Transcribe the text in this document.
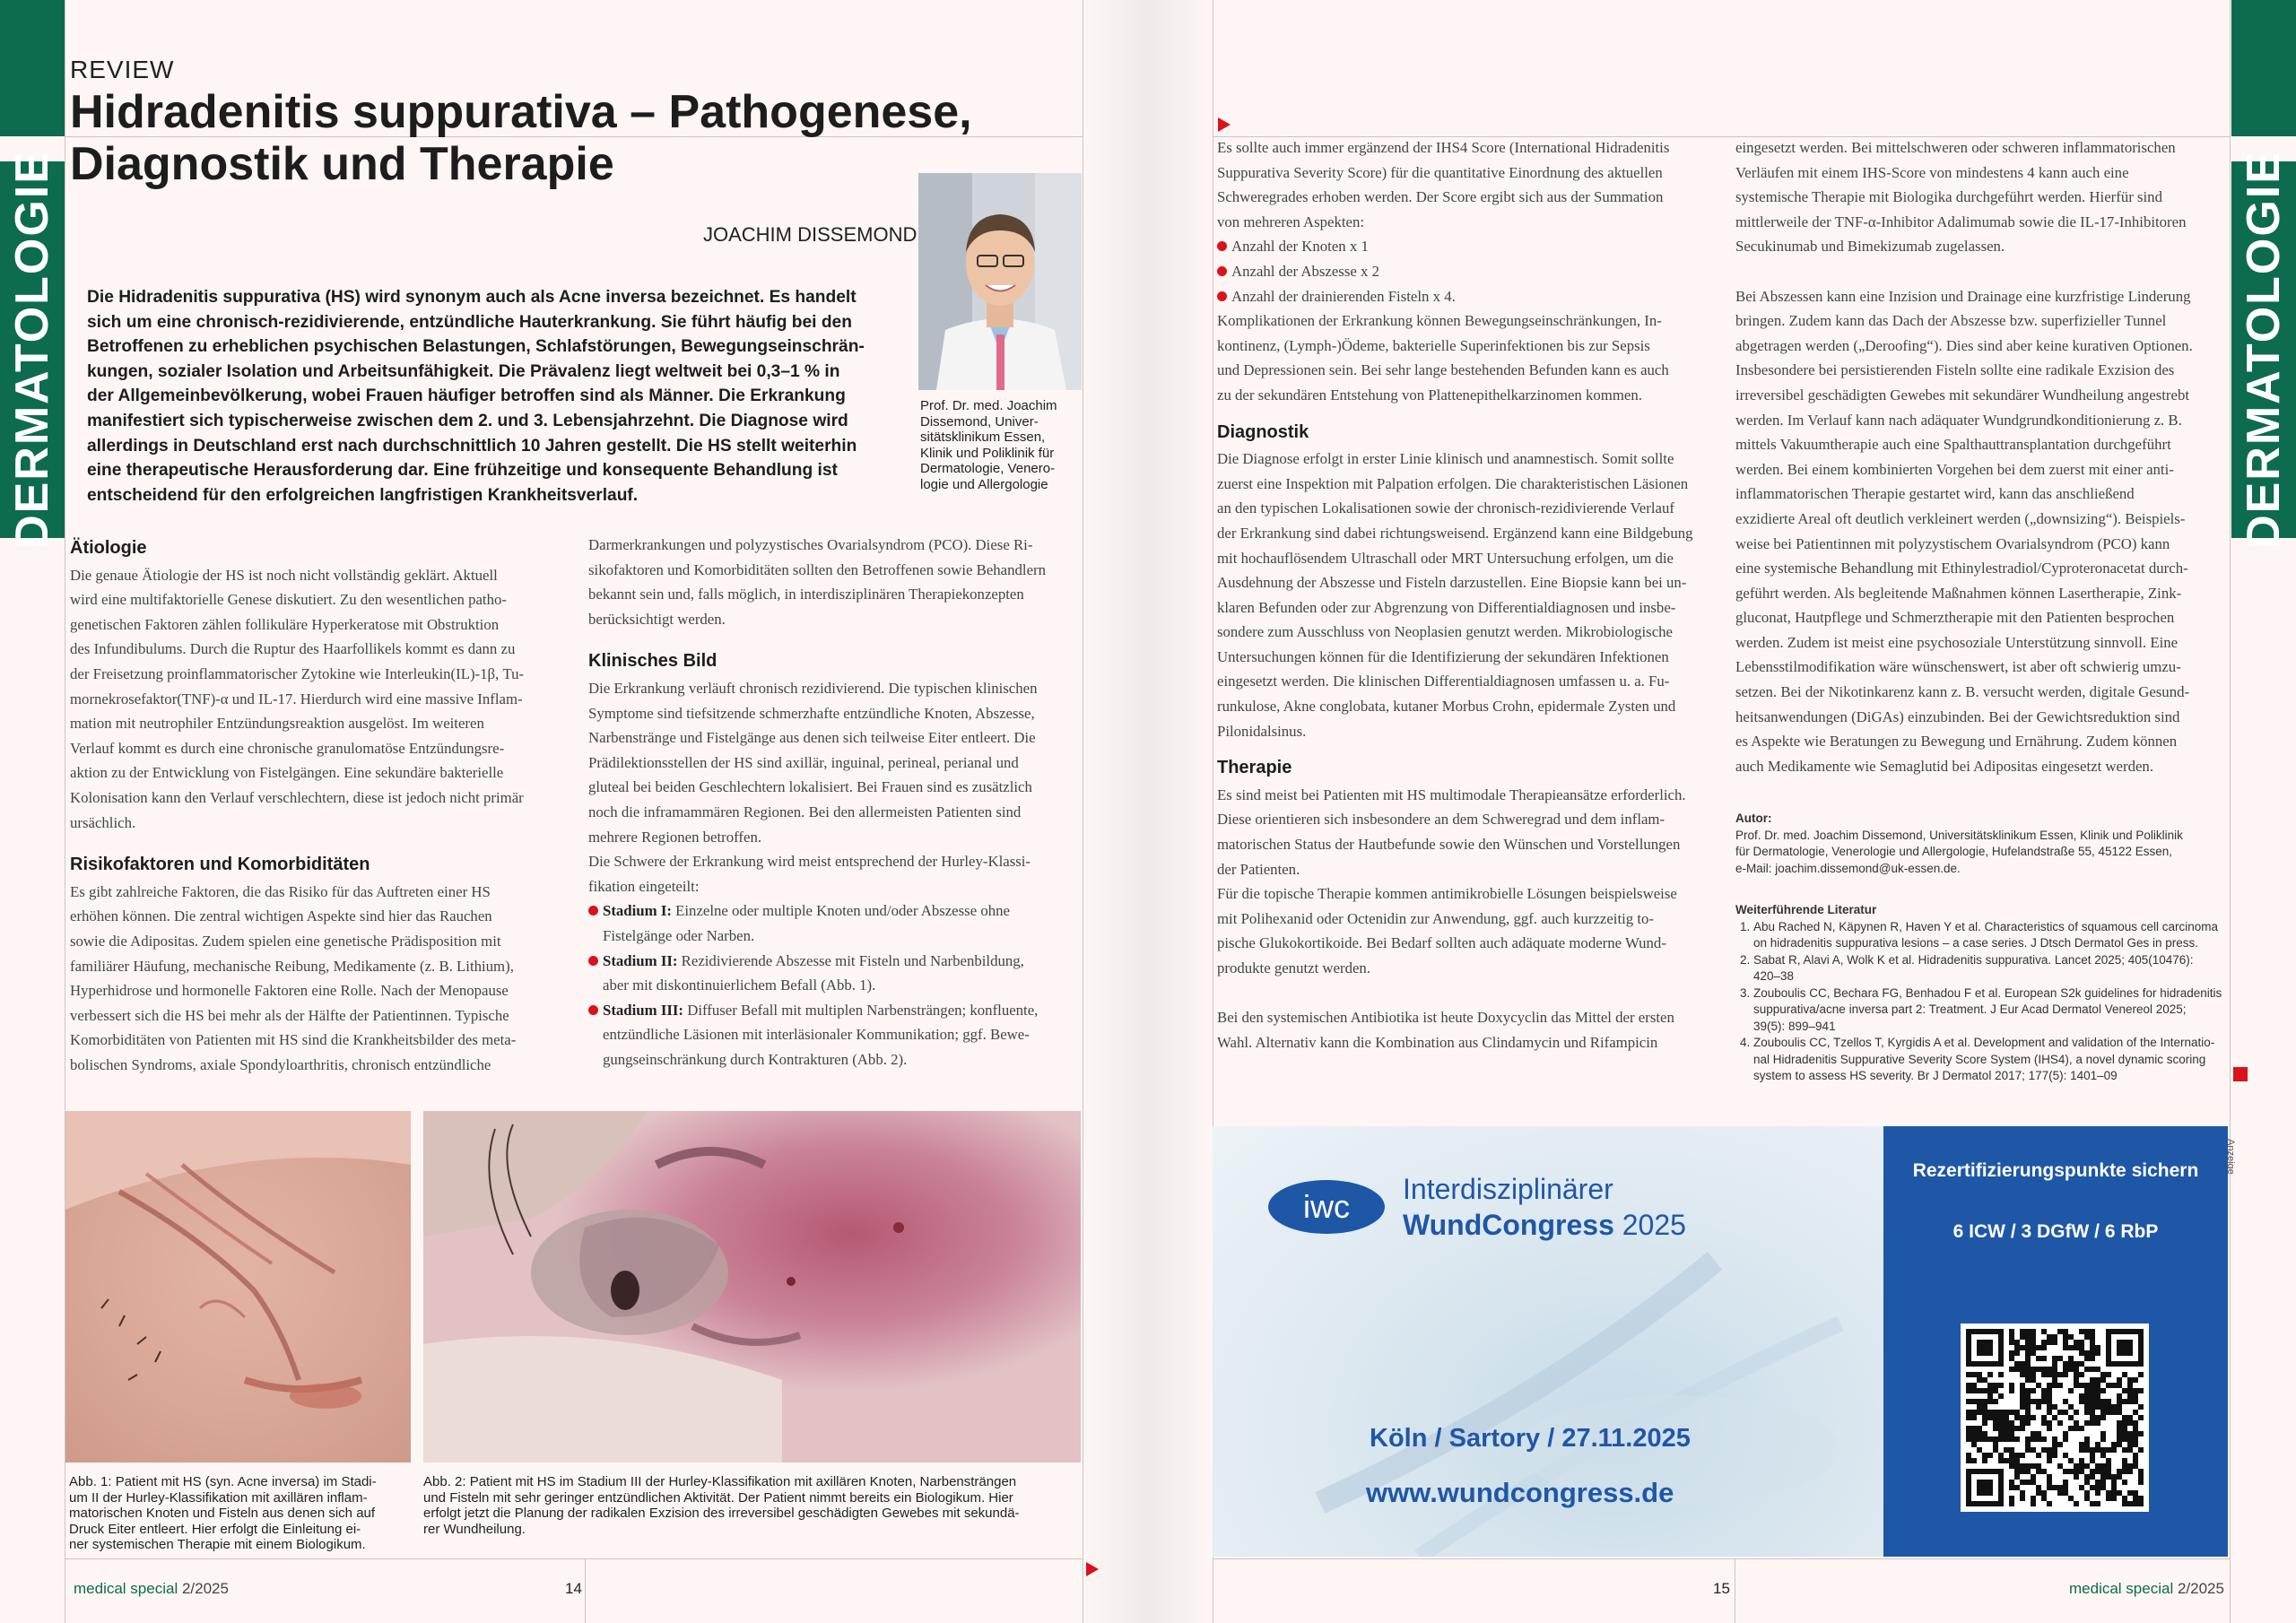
DERMATOLOGIE
REVIEW
Hidradenitis suppurativa – Pathogenese,
Diagnostik und Therapie
JOACHIM DISSEMOND
Prof. Dr. med. Joachim
Dissemond, Univer-
sitätsklinikum Essen,
Klinik und Poliklinik für
Dermatologie, Venero-
logie und Allergologie
Die Hidradenitis suppurativa (HS) wird synonym auch als Acne inversa bezeichnet. Es handelt
sich um eine chronisch-rezidivierende, entzündliche Hauterkrankung. Sie führt häufig bei den
Betroffenen zu erheblichen psychischen Belastungen, Schlafstörungen, Bewegungseinschrän-
kungen, sozialer Isolation und Arbeitsunfähigkeit. Die Prävalenz liegt weltweit bei 0,3–1 % in
der Allgemeinbevölkerung, wobei Frauen häufiger betroffen sind als Männer. Die Erkrankung
manifestiert sich typischerweise zwischen dem 2. und 3. Lebensjahrzehnt. Die Diagnose wird
allerdings in Deutschland erst nach durchschnittlich 10 Jahren gestellt. Die HS stellt weiterhin
eine therapeutische Herausforderung dar. Eine frühzeitige und konsequente Behandlung ist
entscheidend für den erfolgreichen langfristigen Krankheitsverlauf.
Ätiologie

Die genaue Ätiologie der HS ist noch nicht vollständig geklärt. Aktuell

wird eine multifaktorielle Genese diskutiert. Zu den wesentlichen patho-

genetischen Faktoren zählen follikuläre Hyperkeratose mit Obstruktion

des Infundibulums. Durch die Ruptur des Haarfollikels kommt es dann zu

der Freisetzung proinflammatorischer Zytokine wie Interleukin(IL)-1β, Tu-

mornekrosefaktor(TNF)-α und IL-17. Hierdurch wird eine massive Inflam-

mation mit neutrophiler Entzündungsreaktion ausgelöst. Im weiteren

Verlauf kommt es durch eine chronische granulomatöse Entzündungsre-

aktion zu der Entwicklung von Fistelgängen. Eine sekundäre bakterielle

Kolonisation kann den Verlauf verschlechtern, diese ist jedoch nicht primär

ursächlich.

Risikofaktoren und Komorbiditäten

Es gibt zahlreiche Faktoren, die das Risiko für das Auftreten einer HS

erhöhen können. Die zentral wichtigen Aspekte sind hier das Rauchen

sowie die Adipositas. Zudem spielen eine genetische Prädisposition mit

familiärer Häufung, mechanische Reibung, Medikamente (z. B. Lithium),

Hyperhidrose und hormonelle Faktoren eine Rolle. Nach der Menopause

verbessert sich die HS bei mehr als der Hälfte der Patientinnen. Typische

Komorbiditäten von Patienten mit HS sind die Krankheitsbilder des meta-

bolischen Syndroms, axiale Spondyloarthritis, chronisch entzündliche

Darmerkrankungen und polyzystisches Ovarialsyndrom (PCO). Diese Ri-

sikofaktoren und Komorbiditäten sollten den Betroffenen sowie Behandlern

bekannt sein und, falls möglich, in interdisziplinären Therapiekonzepten

berücksichtigt werden.

Klinisches Bild

Die Erkrankung verläuft chronisch rezidivierend. Die typischen klinischen

Symptome sind tiefsitzende schmerzhafte entzündliche Knoten, Abszesse,

Narbenstränge und Fistelgänge aus denen sich teilweise Eiter entleert. Die

Prädilektionsstellen der HS sind axillär, inguinal, perineal, perianal und

gluteal bei beiden Geschlechtern lokalisiert. Bei Frauen sind es zusätzlich

noch die inframammären Regionen. Bei den allermeisten Patienten sind

mehrere Regionen betroffen.

Die Schwere der Erkrankung wird meist entsprechend der Hurley-Klassi-

fikation eingeteilt:

Stadium I: Einzelne oder multiple Knoten und/oder Abszesse ohne

Fistelgänge oder Narben.

Stadium II: Rezidivierende Abszesse mit Fisteln und Narbenbildung,

aber mit diskontinuierlichem Befall (Abb. 1).

Stadium III: Diffuser Befall mit multiplen Narbensträngen; konfluente,

entzündliche Läsionen mit interläsionaler Kommunikation; ggf. Bewe-

gungseinschränkung durch Kontrakturen (Abb. 2).

Abb. 1: Patient mit HS (syn. Acne inversa) im Stadi-
um II der Hurley-Klassifikation mit axillären inflam-
matorischen Knoten und Fisteln aus denen sich auf
Druck Eiter entleert. Hier erfolgt die Einleitung ei-
ner systemischen Therapie mit einem Biologikum.
Abb. 2: Patient mit HS im Stadium III der Hurley-Klassifikation mit axillären Knoten, Narbensträngen
und Fisteln mit sehr geringer entzündlichen Aktivität. Der Patient nimmt bereits ein Biologikum. Hier
erfolgt jetzt die Planung der radikalen Exzision des irreversibel geschädigten Gewebes mit sekundä-
rer Wundheilung.
medical special 2/2025	14
DERMATOLOGIE

Es sollte auch immer ergänzend der IHS4 Score (International Hidradenitis

Suppurativa Severity Score) für die quantitative Einordnung des aktuellen

Schweregrades erhoben werden. Der Score ergibt sich aus der Summation

von mehreren Aspekten:

Anzahl der Knoten x 1

Anzahl der Abszesse x 2

Anzahl der drainierenden Fisteln x 4.

Komplikationen der Erkrankung können Bewegungseinschränkungen, In-

kontinenz, (Lymph-)Ödeme, bakterielle Superinfektionen bis zur Sepsis

und Depressionen sein. Bei sehr lange bestehenden Befunden kann es auch

zu der sekundären Entstehung von Plattenepithelkarzinomen kommen.

Diagnostik

Die Diagnose erfolgt in erster Linie klinisch und anamnestisch. Somit sollte

zuerst eine Inspektion mit Palpation erfolgen. Die charakteristischen Läsionen

an den typischen Lokalisationen sowie der chronisch-rezidivierende Verlauf

der Erkrankung sind dabei richtungsweisend. Ergänzend kann eine Bildgebung

mit hochauflösendem Ultraschall oder MRT Untersuchung erfolgen, um die

Ausdehnung der Abszesse und Fisteln darzustellen. Eine Biopsie kann bei un-

klaren Befunden oder zur Abgrenzung von Differentialdiagnosen und insbe-

sondere zum Ausschluss von Neoplasien genutzt werden. Mikrobiologische

Untersuchungen können für die Identifizierung der sekundären Infektionen

eingesetzt werden. Die klinischen Differentialdiagnosen umfassen u. a. Fu-

runkulose, Akne conglobata, kutaner Morbus Crohn, epidermale Zysten und

Pilonidalsinus.

Therapie

Es sind meist bei Patienten mit HS multimodale Therapieansätze erforderlich.

Diese orientieren sich insbesondere an dem Schweregrad und dem inflam-

matorischen Status der Hautbefunde sowie den Wünschen und Vorstellungen

der Patienten.

Für die topische Therapie kommen antimikrobielle Lösungen beispielsweise

mit Polihexanid oder Octenidin zur Anwendung, ggf. auch kurzzeitig to-

pische Glukokortikoide. Bei Bedarf sollten auch adäquate moderne Wund-

produkte genutzt werden.

Bei den systemischen Antibiotika ist heute Doxycyclin das Mittel der ersten

Wahl. Alternativ kann die Kombination aus Clindamycin und Rifampicin

eingesetzt werden. Bei mittelschweren oder schweren inflammatorischen

Verläufen mit einem IHS-Score von mindestens 4 kann auch eine

systemische Therapie mit Biologika durchgeführt werden. Hierfür sind

mittlerweile der TNF-α-Inhibitor Adalimumab sowie die IL-17-Inhibitoren

Secukinumab und Bimekizumab zugelassen.

Bei Abszessen kann eine Inzision und Drainage eine kurzfristige Linderung

bringen. Zudem kann das Dach der Abszesse bzw. superfizieller Tunnel

abgetragen werden („Deroofing“). Dies sind aber keine kurativen Optionen.

Insbesondere bei persistierenden Fisteln sollte eine radikale Exzision des

irreversibel geschädigten Gewebes mit sekundärer Wundheilung angestrebt

werden. Im Verlauf kann nach adäquater Wundgrundkonditionierung z. B.

mittels Vakuumtherapie auch eine Spalthauttransplantation durchgeführt

werden. Bei einem kombinierten Vorgehen bei dem zuerst mit einer anti-

inflammatorischen Therapie gestartet wird, kann das anschließend

exzidierte Areal oft deutlich verkleinert werden („downsizing“). Beispiels-

weise bei Patientinnen mit polyzystischem Ovarialsyndrom (PCO) kann

eine systemische Behandlung mit Ethinylestradiol/Cyproteronacetat durch-

geführt werden. Als begleitende Maßnahmen können Lasertherapie, Zink-

gluconat, Hautpflege und Schmerztherapie mit den Patienten besprochen

werden. Zudem ist meist eine psychosoziale Unterstützung sinnvoll. Eine

Lebensstilmodifikation wäre wünschenswert, ist aber oft schwierig umzu-

setzen. Bei der Nikotinkarenz kann z. B. versucht werden, digitale Gesund-

heitsanwendungen (DiGAs) einzubinden. Bei der Gewichtsreduktion sind

es Aspekte wie Beratungen zu Bewegung und Ernährung. Zudem können

auch Medikamente wie Semaglutid bei Adipositas eingesetzt werden.

Autor:
Prof. Dr. med. Joachim Dissemond, Universitätsklinikum Essen, Klinik und Poliklinik
für Dermatologie, Venerologie und Allergologie, Hufelandstraße 55, 45122 Essen,
e-Mail: joachim.dissemond@uk-essen.de.
Weiterführende Literatur
1. Abu Rached N, Käpynen R, Haven Y et al. Characteristics of squamous cell carcinoma
on hidradenitis suppurativa lesions – a case series. J Dtsch Dermatol Ges in press.
2. Sabat R, Alavi A, Wolk K et al. Hidradenitis suppurativa. Lancet 2025; 405(10476):
420–38
3. Zouboulis CC, Bechara FG, Benhadou F et al. European S2k guidelines for hidradenitis
suppurativa/acne inversa part 2: Treatment. J Eur Acad Dermatol Venereol 2025;
39(5): 899–941
4. Zouboulis CC, Tzellos T, Kyrgidis A et al. Development and validation of the Internatio-
nal Hidradenitis Suppurative Severity Score System (IHS4), a novel dynamic scoring
system to assess HS severity. Br J Dermatol 2017; 177(5): 1401–09
iwc	Interdisziplinärer
WundCongress 2025
Köln / Sartory / 27.11.2025
www.wundcongress.de
Rezertifizierungspunkte sichern
6 ICW / 3 DGfW / 6 RbP
Anzeige
15	medical special 2/2025
